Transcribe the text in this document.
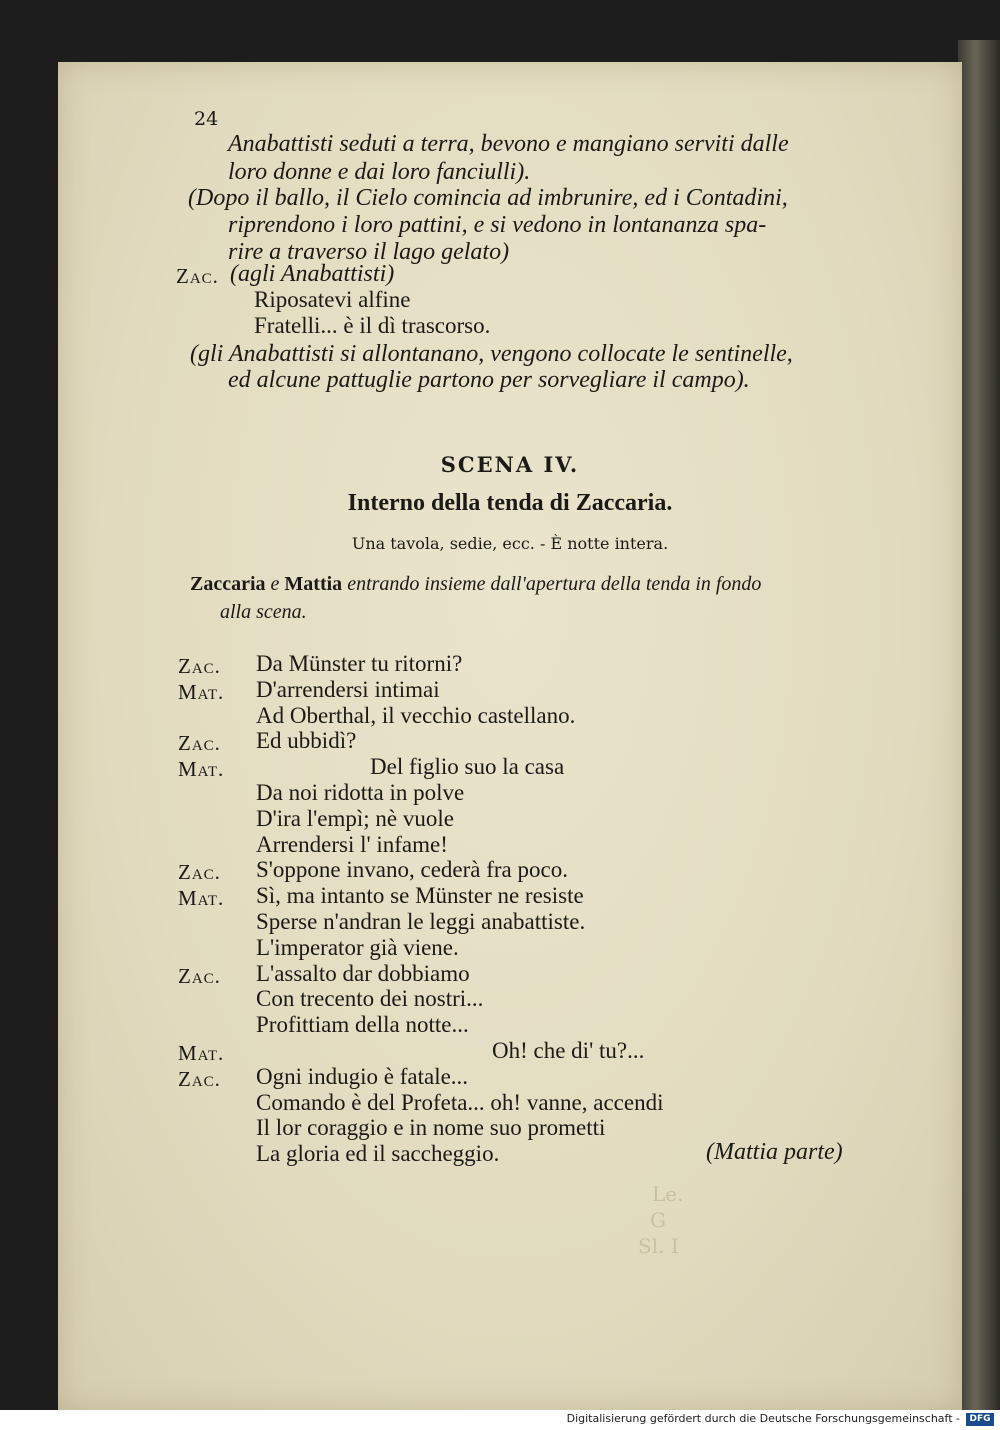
24
Anabattisti seduti a terra, bevono e mangiano serviti dalle
loro donne e dai loro fanciulli).
(Dopo il ballo, il Cielo comincia ad imbrunire, ed i Contadini,
riprendono i loro pattini, e si vedono in lontananza spa-
rire a traverso il lago gelato)
Zac. (agli Anabattisti)
Riposatevi alfine
Fratelli... è il dì trascorso.
(gli Anabattisti si allontanano, vengono collocate le sentinelle,
ed alcune pattuglie partono per sorvegliare il campo).
SCENA IV.
Interno della tenda di Zaccaria.
Una tavola, sedie, ecc. - È notte intera.
Zaccaria e Mattia entrando insieme dall'apertura della tenda in fondo
alla scena.
Zac. Da Münster tu ritorni?
Mat. D'arrendersi intimai
Ad Oberthal, il vecchio castellano.
Zac. Ed ubbidì?
Mat.	Del figlio suo la casa
Da noi ridotta in polve
D'ira l'empì; nè vuole
Arrendersi l' infame!
Zac. S'oppone invano, cederà fra poco.
Mat. Sì, ma intanto se Münster ne resiste
Sperse n'andran le leggi anabattiste.
L'imperator già viene.
Zac. L'assalto dar dobbiamo
Con trecento dei nostri...
Profittiam della notte...
Mat.	Oh! che di' tu?...
Zac. Ogni indugio è fatale...
Comando è del Profeta... oh! vanne, accendi
Il lor coraggio e in nome suo prometti
La gloria ed il saccheggio.	(Mattia parte)
Le.
G
Sl. I
Digitalisierung gefördert durch die Deutsche Forschungsgemeinschaft -	DFG
